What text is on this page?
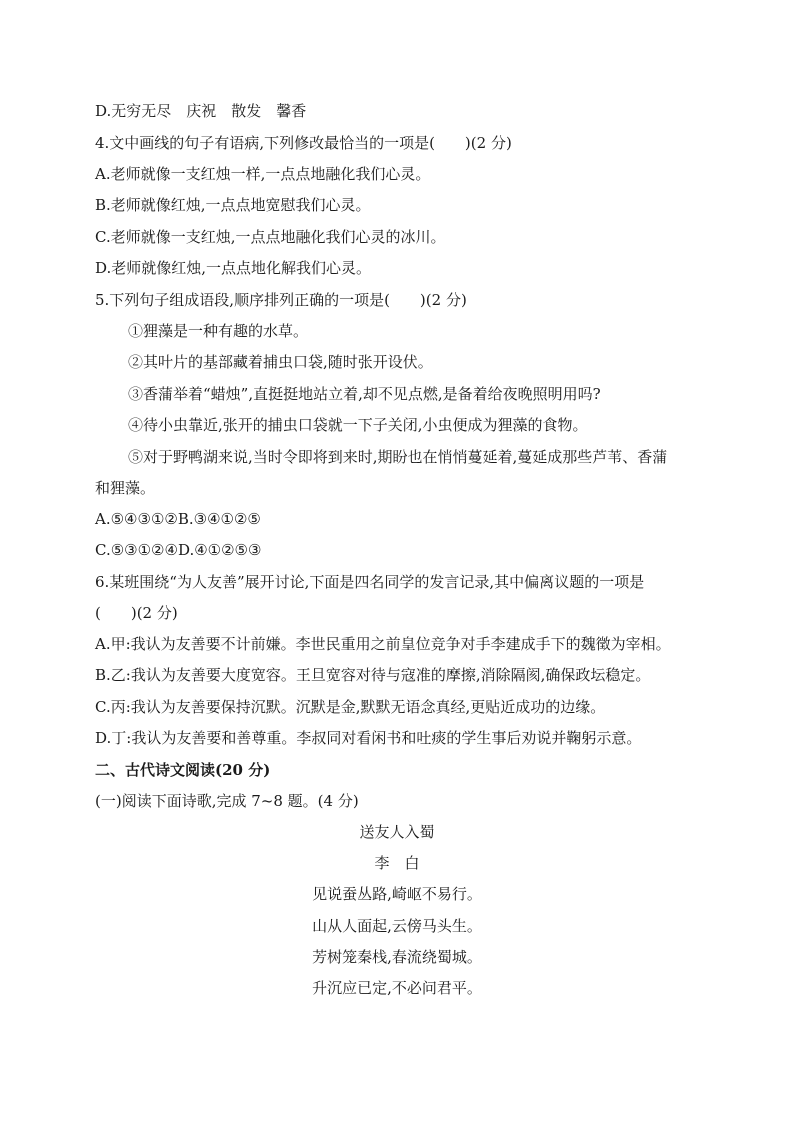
D.无穷无尽　庆祝　散发　馨香
4.文中画线的句子有语病,下列修改最恰当的一项是(　　)(2 分)
A.老师就像一支红烛一样,一点点地融化我们心灵。
B.老师就像红烛,一点点地宽慰我们心灵。
C.老师就像一支红烛,一点点地融化我们心灵的冰川。
D.老师就像红烛,一点点地化解我们心灵。
5.下列句子组成语段,顺序排列正确的一项是(　　)(2 分)
①狸藻是一种有趣的水草。
②其叶片的基部藏着捕虫口袋,随时张开设伏。
③香蒲举着“蜡烛”,直挺挺地站立着,却不见点燃,是备着给夜晚照明用吗?
④待小虫靠近,张开的捕虫口袋就一下子关闭,小虫便成为狸藻的食物。
⑤对于野鸭湖来说,当时令即将到来时,期盼也在悄悄蔓延着,蔓延成那些芦苇、香蒲
和狸藻。
A.⑤④③①②B.③④①②⑤
C.⑤③①②④D.④①②⑤③
6.某班围绕“为人友善”展开讨论,下面是四名同学的发言记录,其中偏离议题的一项是
(　　)(2 分)
A.甲:我认为友善要不计前嫌。李世民重用之前皇位竞争对手李建成手下的魏徵为宰相。
B.乙:我认为友善要大度宽容。王旦宽容对待与寇准的摩擦,消除隔阂,确保政坛稳定。
C.丙:我认为友善要保持沉默。沉默是金,默默无语念真经,更贴近成功的边缘。
D.丁:我认为友善要和善尊重。李叔同对看闲书和吐痰的学生事后劝说并鞠躬示意。
二、古代诗文阅读(20 分)
(一)阅读下面诗歌,完成 7~8 题。(4 分)
送友人入蜀
李　白
见说蚕丛路,崎岖不易行。
山从人面起,云傍马头生。
芳树笼秦栈,春流绕蜀城。
升沉应已定,不必问君平。
